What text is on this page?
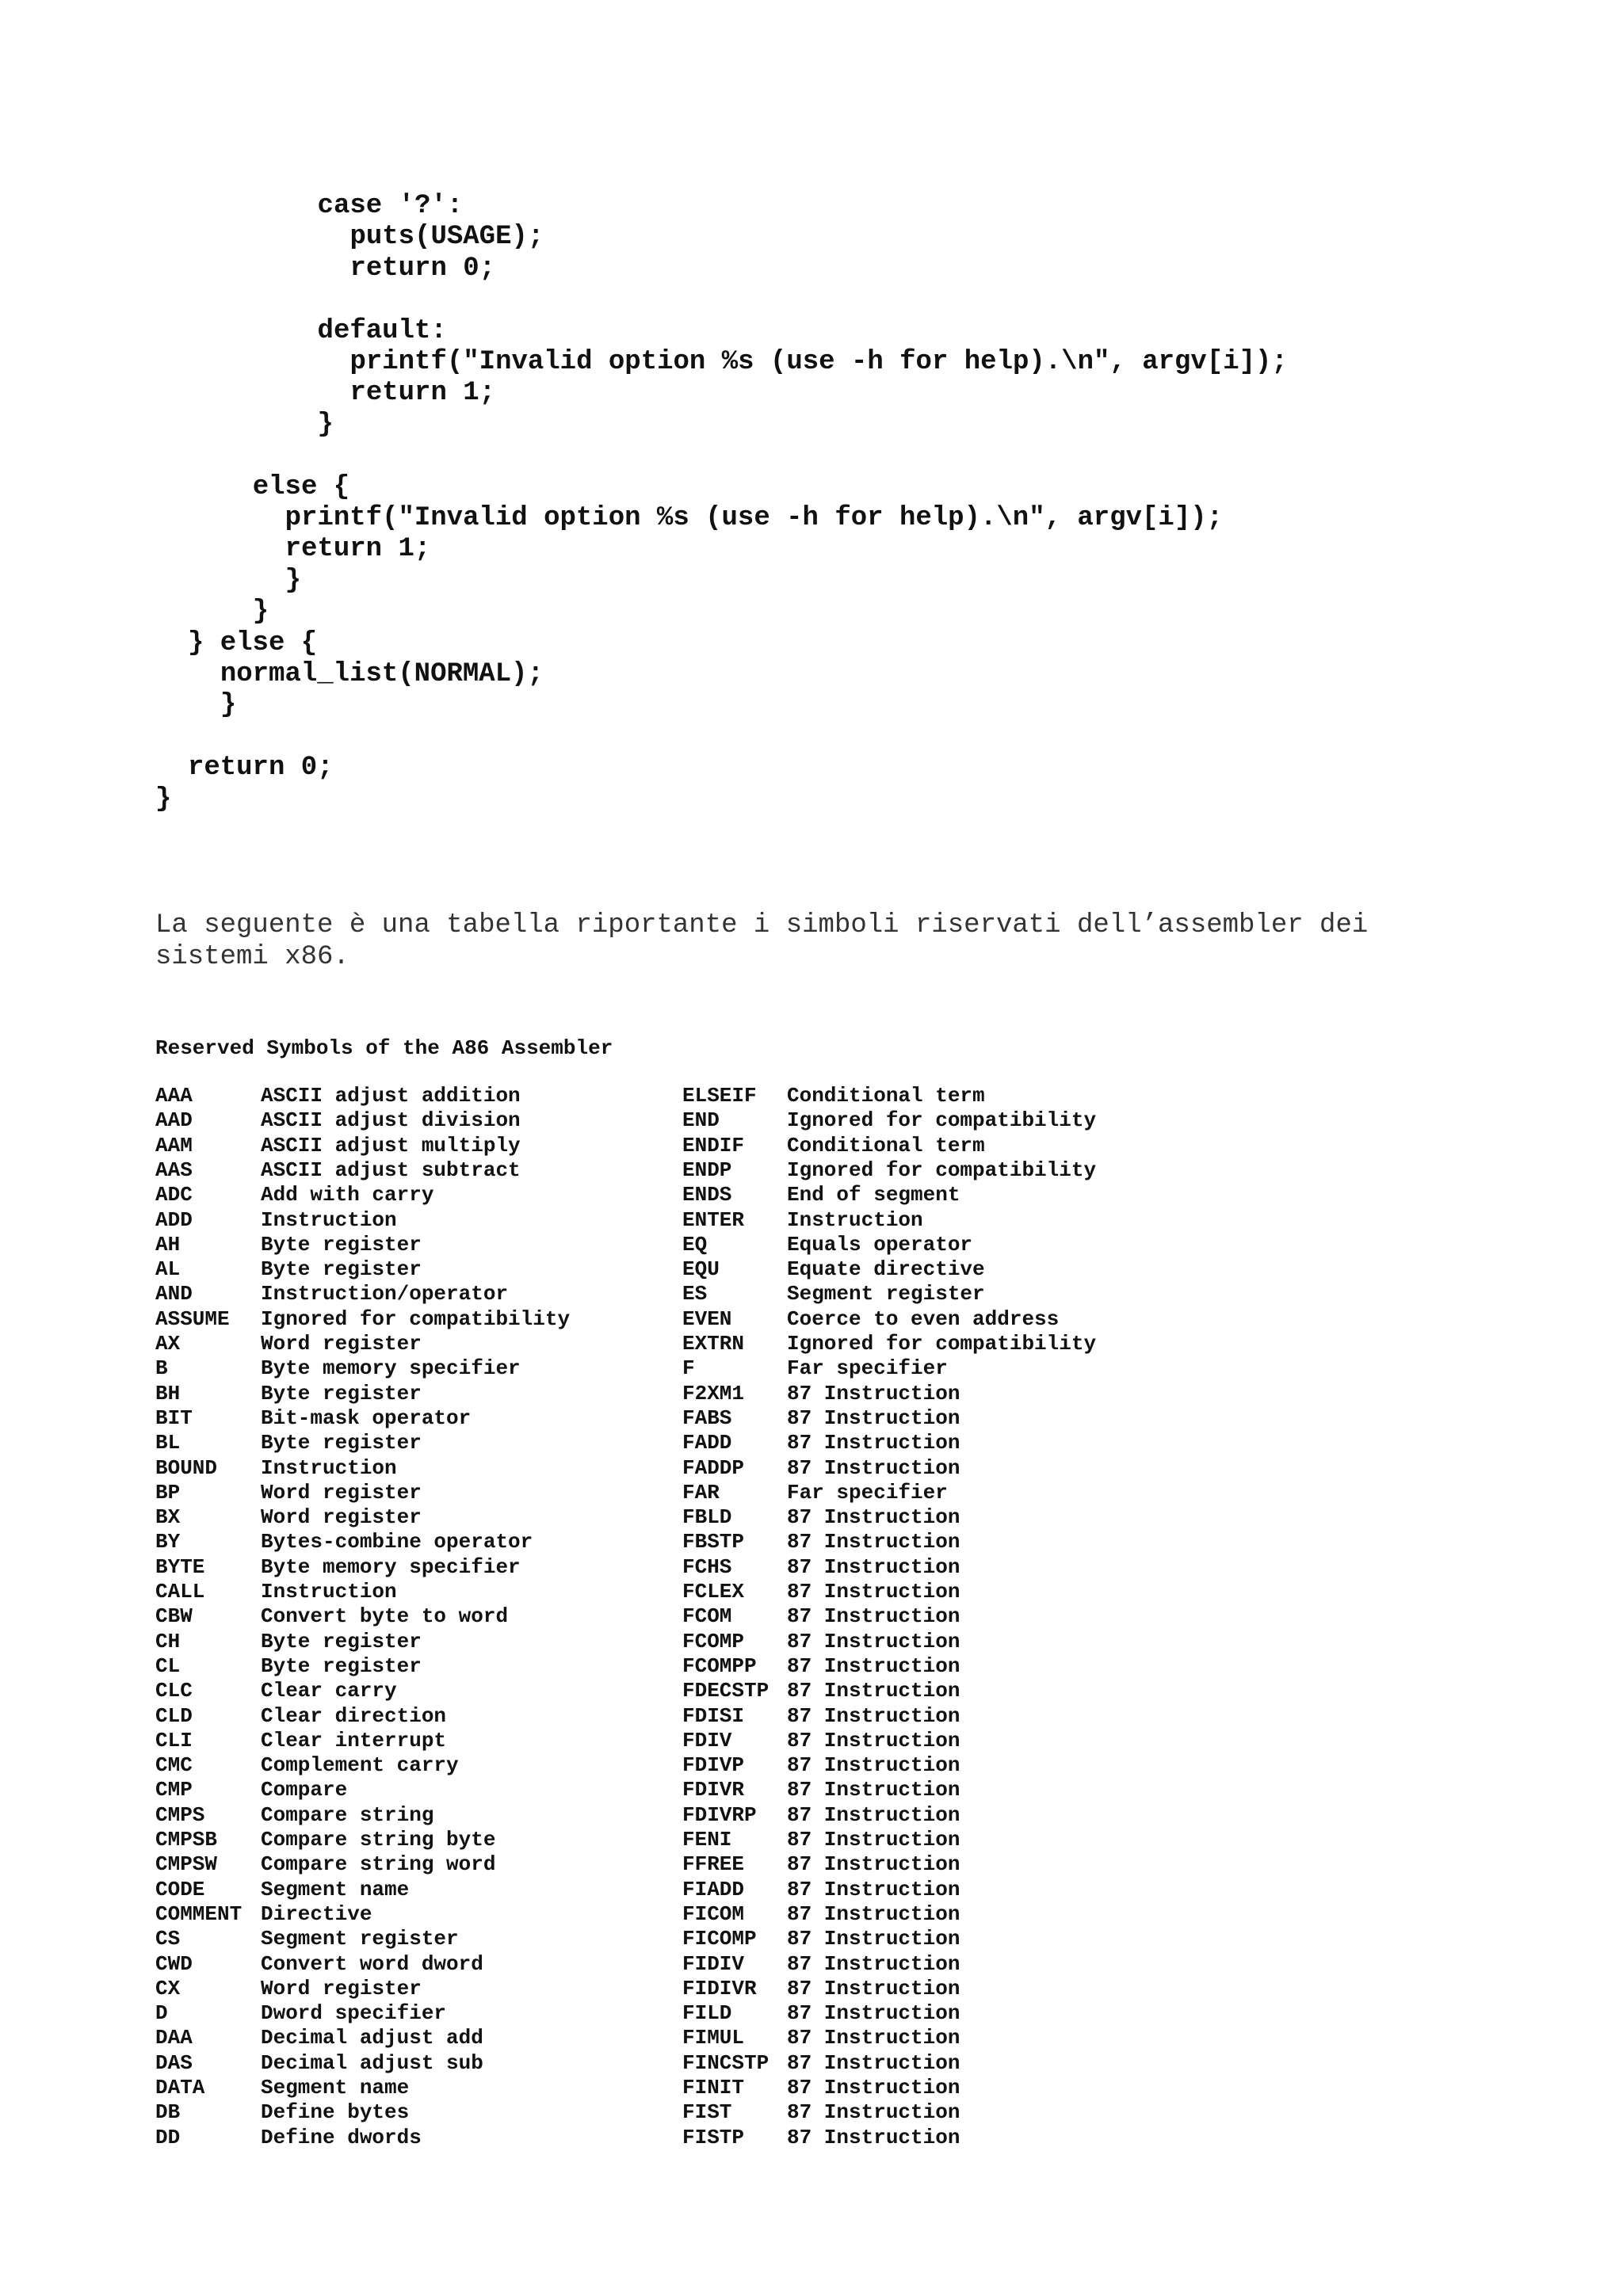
case '?':
puts(USAGE);
return 0;
default:
printf("Invalid option %s (use -h for help).\n", argv[i]);
return 1;
}
else {
printf("Invalid option %s (use -h for help).\n", argv[i]);
return 1;
}
}
} else {
normal_list(NORMAL);
}
return 0;
}
La seguente è una tabella riportante i simboli riservati dell’assembler dei
sistemi x86.
Reserved Symbols of the A86 Assembler
AAA	ASCII adjust addition	ELSEIF Conditional term
AAD	ASCII adjust division	END	Ignored for compatibility
AAM	ASCII adjust multiply	ENDIF Conditional term
AAS	ASCII adjust subtract	ENDP	Ignored for compatibility
ADC	Add with carry	ENDS	End of segment
ADD	Instruction	ENTER Instruction
AH	Byte register	EQ	Equals operator
AL	Byte register	EQU	Equate directive
AND	Instruction/operator	ES	Segment register
ASSUME Ignored for compatibility	EVEN	Coerce to even address
AX	Word register	EXTRN Ignored for compatibility
B	Byte memory specifier	F	Far specifier
BH	Byte register	F2XM1 87 Instruction
BIT	Bit-mask operator	FABS	87 Instruction
BL	Byte register	FADD	87 Instruction
BOUND Instruction	FADDP 87 Instruction
BP	Word register	FAR	Far specifier
BX	Word register	FBLD	87 Instruction
BY	Bytes-combine operator	FBSTP 87 Instruction
BYTE	Byte memory specifier	FCHS	87 Instruction
CALL	Instruction	FCLEX 87 Instruction
CBW	Convert byte to word	FCOM	87 Instruction
CH	Byte register	FCOMP 87 Instruction
CL	Byte register	FCOMPP 87 Instruction
CLC	Clear carry	FDECSTP 87 Instruction
CLD	Clear direction	FDISI 87 Instruction
CLI	Clear interrupt	FDIV	87 Instruction
CMC	Complement carry	FDIVP 87 Instruction
CMP	Compare	FDIVR 87 Instruction
CMPS	Compare string	FDIVRP 87 Instruction
CMPSB Compare string byte	FENI	87 Instruction
CMPSW Compare string word	FFREE 87 Instruction
CODE	Segment name	FIADD 87 Instruction
COMMENT Directive	FICOM 87 Instruction
CS	Segment register	FICOMP 87 Instruction
CWD	Convert word dword	FIDIV 87 Instruction
CX	Word register	FIDIVR 87 Instruction
D	Dword specifier	FILD	87 Instruction
DAA	Decimal adjust add	FIMUL 87 Instruction
DAS	Decimal adjust sub	FINCSTP 87 Instruction
DATA	Segment name	FINIT 87 Instruction
DB	Define bytes	FIST	87 Instruction
DD	Define dwords	FISTP 87 Instruction
